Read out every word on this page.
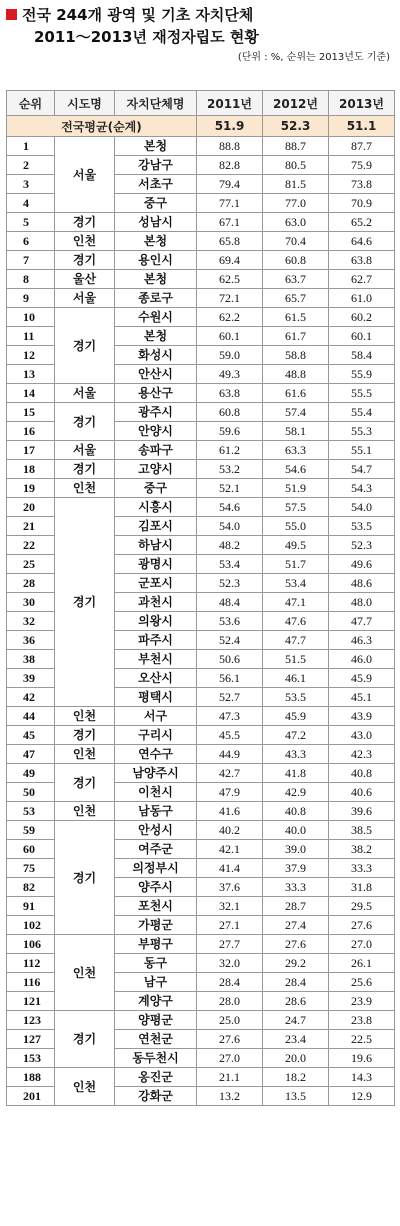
전국 244개 광역 및 기초 자치단체
2011～2013년 재정자립도 현황
(단위 : %, 순위는 2013년도 기준)
순위	시도명	자치단체명	2011년	2012년	2013년
전국평균(순계)			51.9	52.3	51.1
1	서울	본청	88.8	88.7	87.7
2		강남구	82.8	80.5	75.9
3		서초구	79.4	81.5	73.8
4		중구	77.1	77.0	70.9
5	경기	성남시	67.1	63.0	65.2
6	인천	본청	65.8	70.4	64.6
7	경기	용인시	69.4	60.8	63.8
8	울산	본청	62.5	63.7	62.7
9	서울	종로구	72.1	65.7	61.0
10	경기	수원시	62.2	61.5	60.2
11		본청	60.1	61.7	60.1
12		화성시	59.0	58.8	58.4
13		안산시	49.3	48.8	55.9
14	서울	용산구	63.8	61.6	55.5
15	경기	광주시	60.8	57.4	55.4
16		안양시	59.6	58.1	55.3
17	서울	송파구	61.2	63.3	55.1
18	경기	고양시	53.2	54.6	54.7
19	인천	중구	52.1	51.9	54.3
20	경기	시흥시	54.6	57.5	54.0
21		김포시	54.0	55.0	53.5
22		하남시	48.2	49.5	52.3
25		광명시	53.4	51.7	49.6
28		군포시	52.3	53.4	48.6
30		과천시	48.4	47.1	48.0
32		의왕시	53.6	47.6	47.7
36		파주시	52.4	47.7	46.3
38		부천시	50.6	51.5	46.0
39		오산시	56.1	46.1	45.9
42		평택시	52.7	53.5	45.1
44	인천	서구	47.3	45.9	43.9
45	경기	구리시	45.5	47.2	43.0
47	인천	연수구	44.9	43.3	42.3
49	경기	남양주시	42.7	41.8	40.8
50		이천시	47.9	42.9	40.6
53	인천	남동구	41.6	40.8	39.6
59	경기	안성시	40.2	40.0	38.5
60		여주군	42.1	39.0	38.2
75		의정부시	41.4	37.9	33.3
82		양주시	37.6	33.3	31.8
91		포천시	32.1	28.7	29.5
102		가평군	27.1	27.4	27.6
106	인천	부평구	27.7	27.6	27.0
112		동구	32.0	29.2	26.1
116		남구	28.4	28.4	25.6
121		계양구	28.0	28.6	23.9
123	경기	양평군	25.0	24.7	23.8
127		연천군	27.6	23.4	22.5
153		동두천시	27.0	20.0	19.6
188	인천	옹진군	21.1	18.2	14.3
201		강화군	13.2	13.5	12.9
